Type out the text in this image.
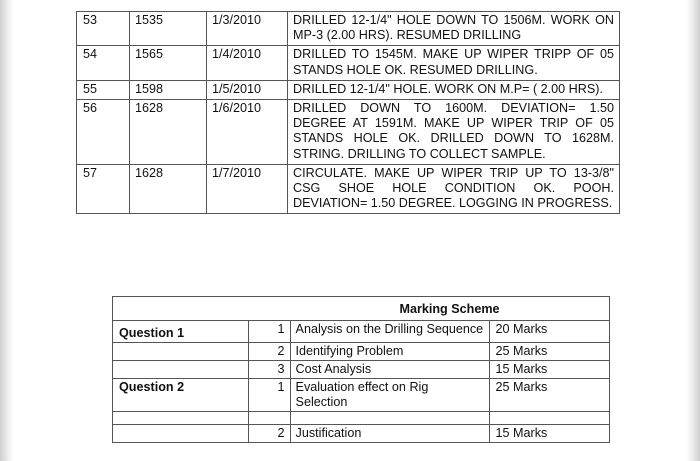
53	1535	1/3/2010	DRILLED 12-1/4" HOLE DOWN TO 1506M. WORK ON MP-3 (2.00 HRS). RESUMED DRILLING
54	1565	1/4/2010	DRILLED TO 1545M. MAKE UP WIPER TRIPP OF 05 STANDS HOLE OK. RESUMED DRILLING.
55	1598	1/5/2010	DRILLED 12-1/4" HOLE. WORK ON M.P= ( 2.00 HRS).
56	1628	1/6/2010	DRILLED DOWN TO 1600M. DEVIATION= 1.50 DEGREE AT 1591M. MAKE UP WIPER TRIP OF 05 STANDS HOLE OK. DRILLED DOWN TO 1628M. STRING. DRILLING TO COLLECT SAMPLE.
57	1628	1/7/2010	CIRCULATE. MAKE UP WIPER TRIP UP TO 13-3/8" CSG SHOE HOLE CONDITION OK. POOH. DEVIATION= 1.50 DEGREE. LOGGING IN PROGRESS.
		Marking Scheme	
Question 1	1	Analysis on the Drilling Sequence	20 Marks
	2	Identifying Problem	25 Marks
	3	Cost Analysis	15 Marks
Question 2	1	Evaluation effect on Rig Selection	25 Marks

	2	Justification	15 Marks
